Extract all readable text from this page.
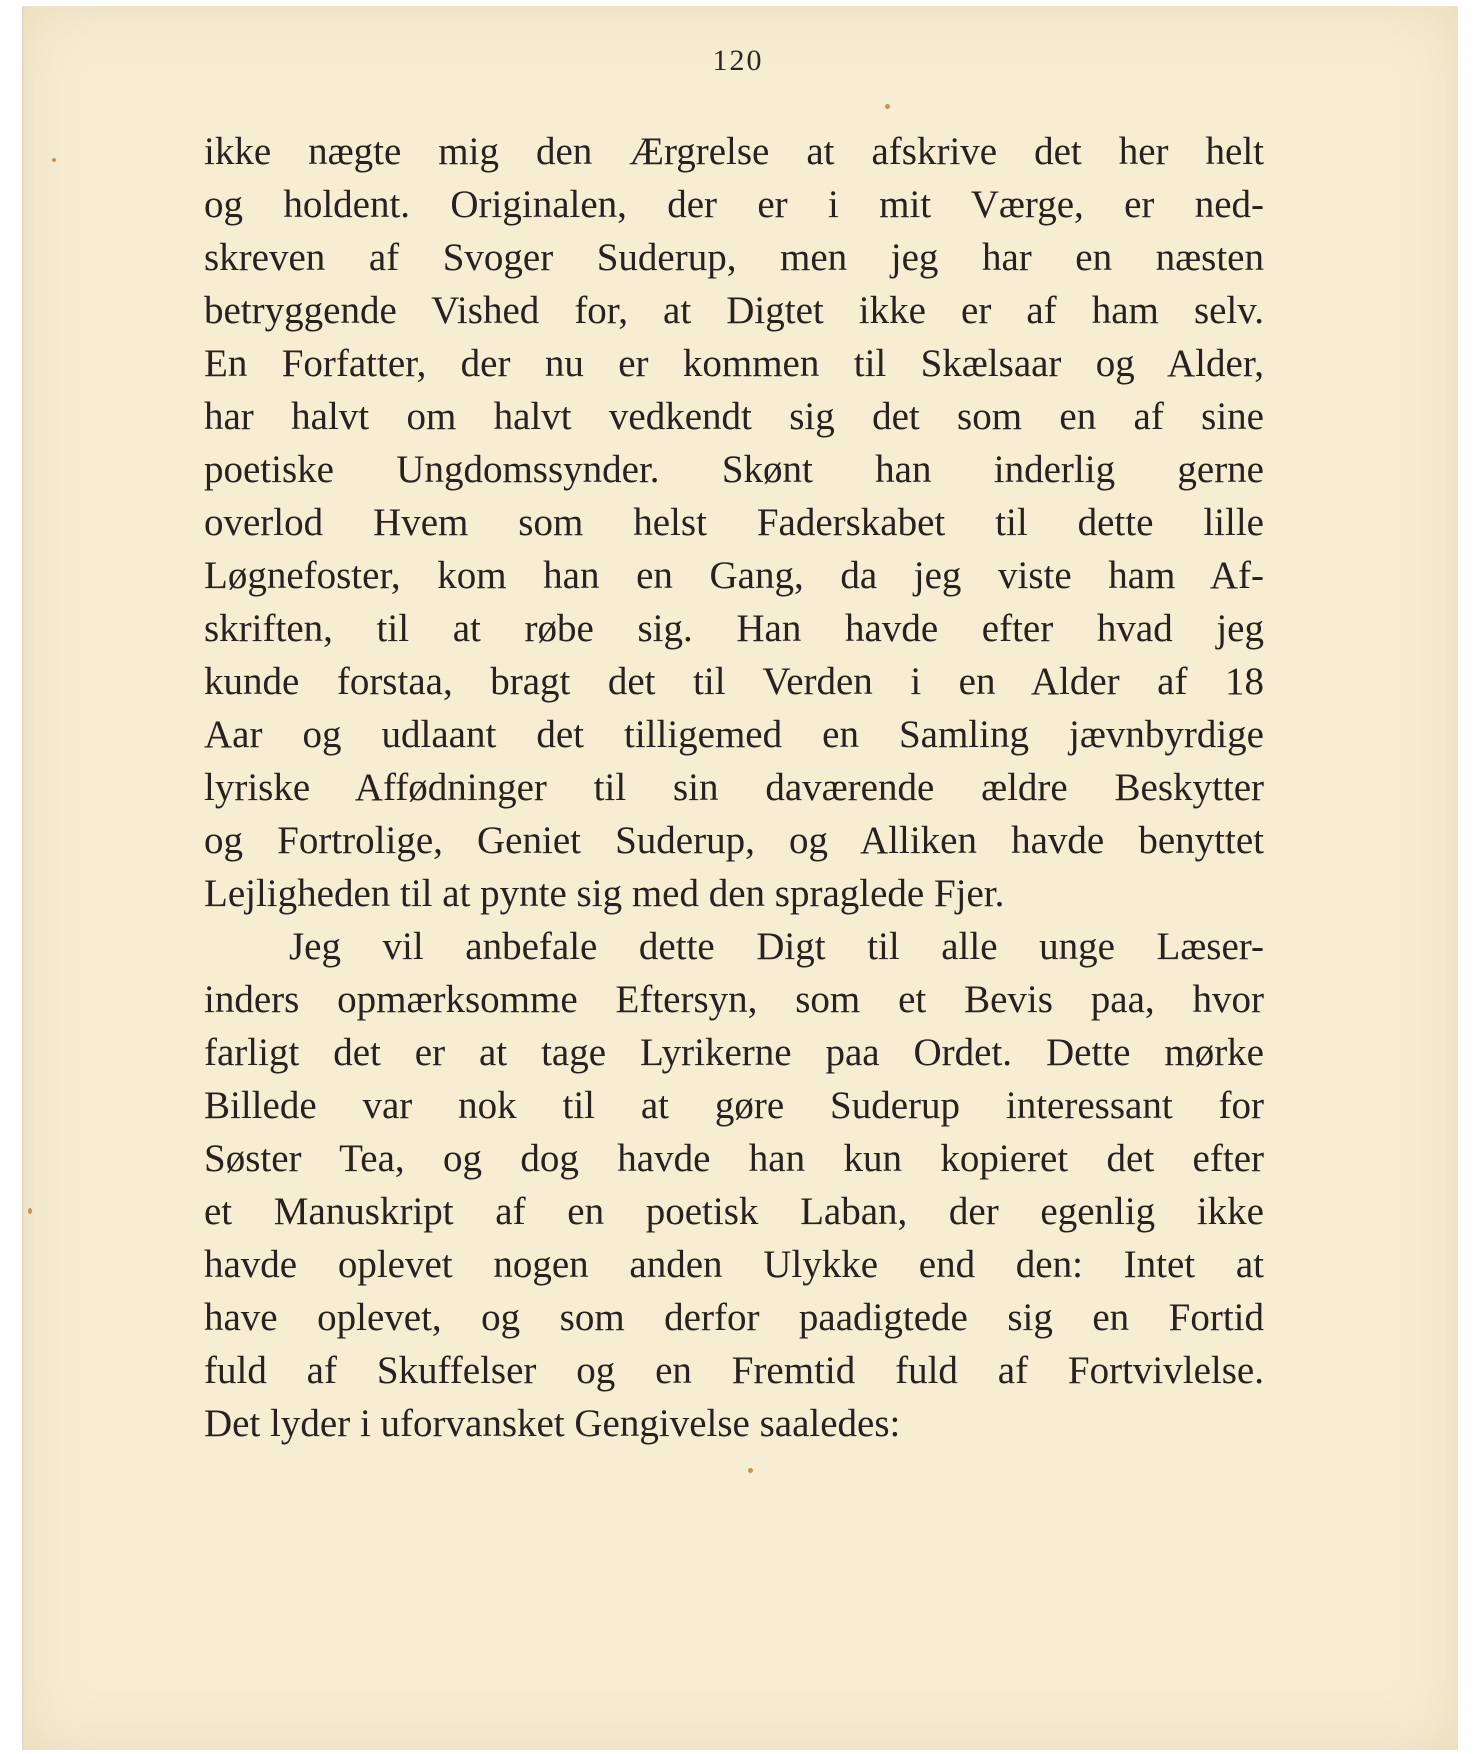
120
ikke nægte mig den Ærgrelse at afskrive det her helt
og holdent. Originalen, der er i mit Værge, er ned-
skreven af Svoger Suderup, men jeg har en næsten
betryggende Vished for, at Digtet ikke er af ham selv.
En Forfatter, der nu er kommen til Skælsaar og Alder,
har halvt om halvt vedkendt sig det som en af sine
poetiske Ungdomssynder. Skønt han inderlig gerne
overlod Hvem som helst Faderskabet til dette lille
Løgnefoster, kom han en Gang, da jeg viste ham Af-
skriften, til at røbe sig. Han havde efter hvad jeg
kunde forstaa, bragt det til Verden i en Alder af 18
Aar og udlaant det tilligemed en Samling jævnbyrdige
lyriske Affødninger til sin daværende ældre Beskytter
og Fortrolige, Geniet Suderup, og Alliken havde benyttet
Lejligheden til at pynte sig med den spraglede Fjer.
Jeg vil anbefale dette Digt til alle unge Læser-
inders opmærksomme Eftersyn, som et Bevis paa, hvor
farligt det er at tage Lyrikerne paa Ordet. Dette mørke
Billede var nok til at gøre Suderup interessant for
Søster Tea, og dog havde han kun kopieret det efter
et Manuskript af en poetisk Laban, der egenlig ikke
havde oplevet nogen anden Ulykke end den: Intet at
have oplevet, og som derfor paadigtede sig en Fortid
fuld af Skuffelser og en Fremtid fuld af Fortvivlelse.
Det lyder i uforvansket Gengivelse saaledes:
